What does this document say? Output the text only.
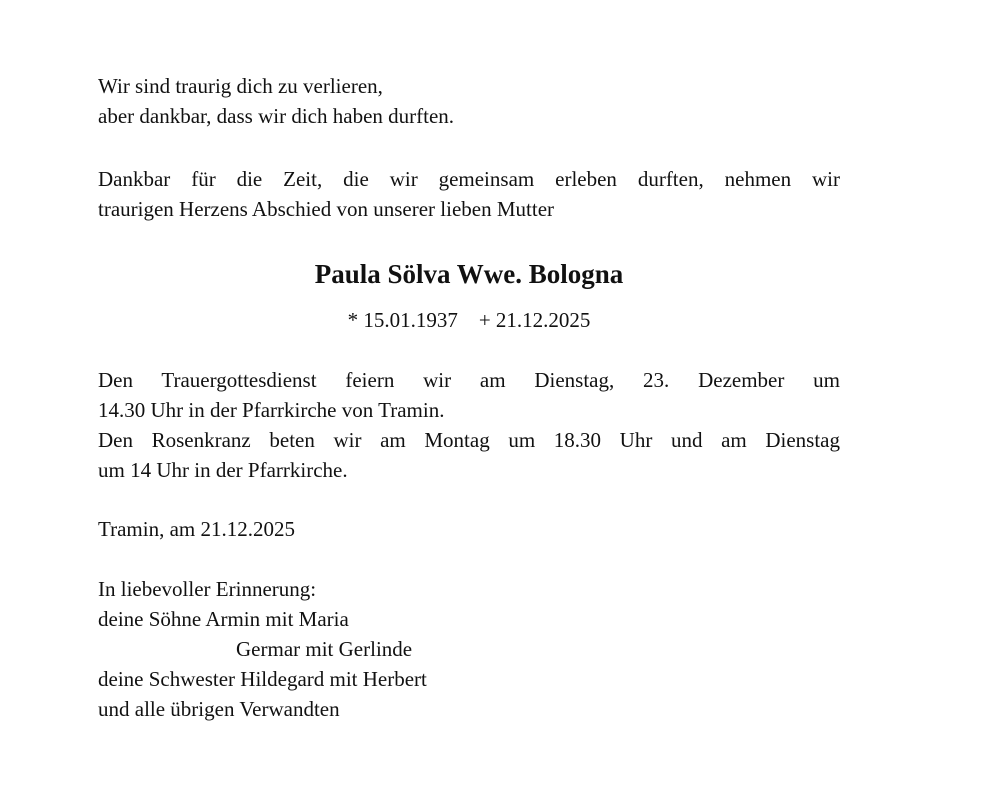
Wir sind traurig dich zu verlieren,
aber dankbar, dass wir dich haben durften.
Dankbar für die Zeit, die wir gemeinsam erleben durften, nehmen wir
traurigen Herzens Abschied von unserer lieben Mutter
Paula Sölva Wwe. Bologna
* 15.01.1937 + 21.12.2025
Den Trauergottesdienst feiern wir am Dienstag, 23. Dezember um
14.30 Uhr in der Pfarrkirche von Tramin.
Den Rosenkranz beten wir am Montag um 18.30 Uhr und am Dienstag
um 14 Uhr in der Pfarrkirche.
Tramin, am 21.12.2025
In liebevoller Erinnerung:
deine Söhne Armin mit Maria
Germar mit Gerlinde
deine Schwester Hildegard mit Herbert
und alle übrigen Verwandten
